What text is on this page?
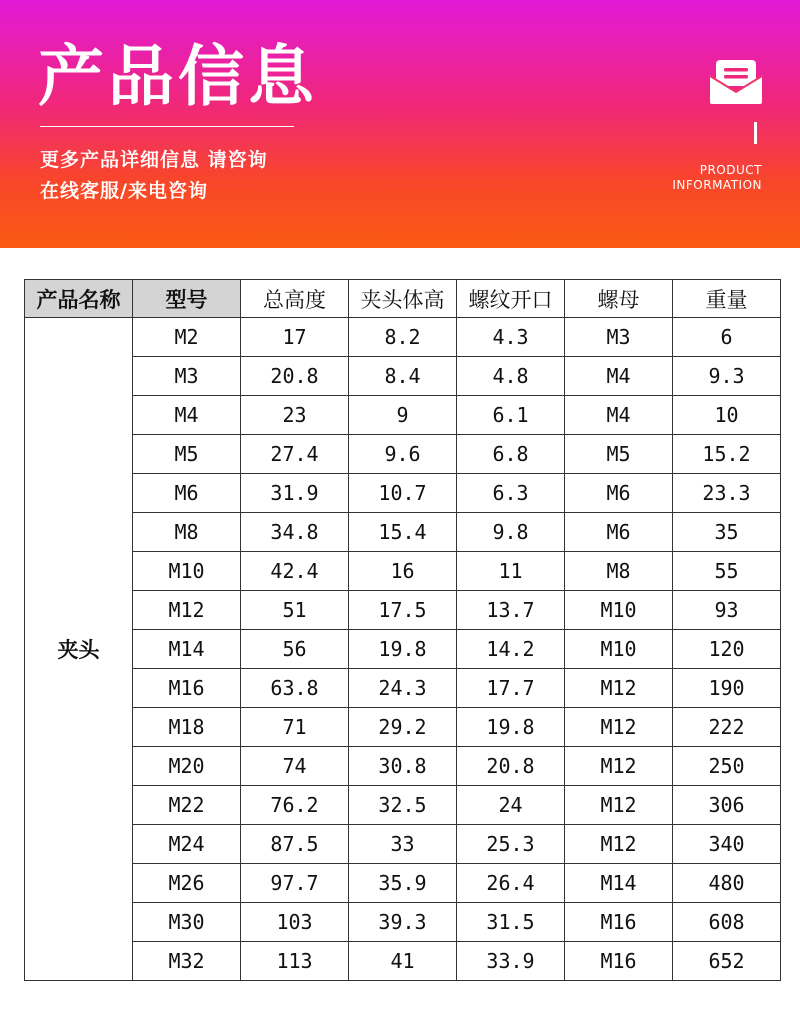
产品信息
更多产品详细信息 请咨询
在线客服/来电咨询
PRODUCT
INFORMATION
产品名称	型号	总高度	夹头体高	螺纹开口	螺母	重量
夹头	M2	17	8.2	4.3	M3	6
	M3	20.8	8.4	4.8	M4	9.3
	M4	23	9	6.1	M4	10
	M5	27.4	9.6	6.8	M5	15.2
	M6	31.9	10.7	6.3	M6	23.3
	M8	34.8	15.4	9.8	M6	35
	M10	42.4	16	11	M8	55
	M12	51	17.5	13.7	M10	93
	M14	56	19.8	14.2	M10	120
	M16	63.8	24.3	17.7	M12	190
	M18	71	29.2	19.8	M12	222
	M20	74	30.8	20.8	M12	250
	M22	76.2	32.5	24	M12	306
	M24	87.5	33	25.3	M12	340
	M26	97.7	35.9	26.4	M14	480
	M30	103	39.3	31.5	M16	608
	M32	113	41	33.9	M16	652
